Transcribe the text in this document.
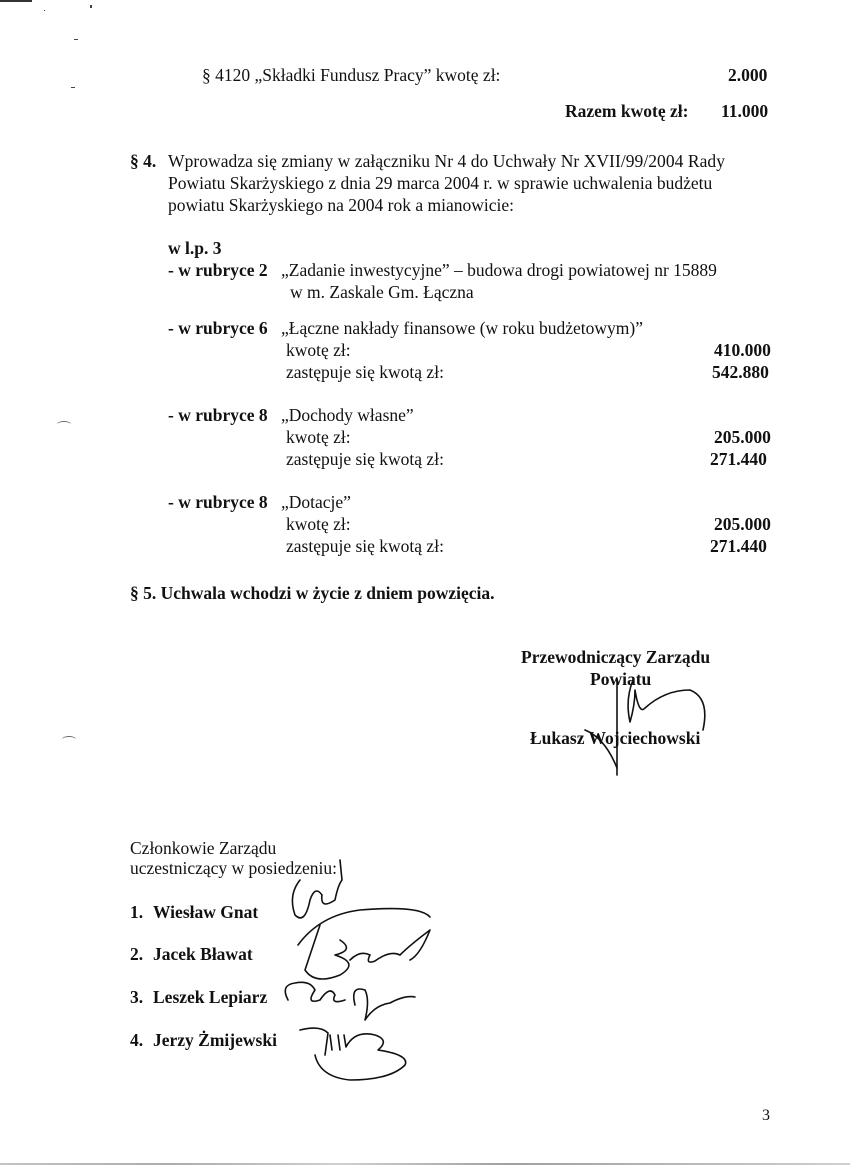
§ 4120 „Składki Fundusz Pracy” kwotę zł:	2.000
Razem kwotę zł: 11.000
§ 4. Wprowadza się zmiany w załączniku Nr 4 do Uchwały Nr XVII/99/2004 Rady
Powiatu Skarżyskiego z dnia 29 marca 2004 r. w sprawie uchwalenia budżetu
powiatu Skarżyskiego na 2004 rok a mianowicie:
w l.p. 3
- w rubryce 2 „Zadanie inwestycyjne” – budowa drogi powiatowej nr 15889
w m. Zaskale Gm. Łączna
- w rubryce 6 „Łączne nakłady finansowe (w roku budżetowym)”
kwotę zł:	410.000
zastępuje się kwotą zł:	542.880
- w rubryce 8 „Dochody własne”
kwotę zł:	205.000
zastępuje się kwotą zł:	271.440
- w rubryce 8 „Dotacje”
kwotę zł:	205.000
zastępuje się kwotą zł:	271.440
§ 5. Uchwala wchodzi w życie z dniem powzięcia.
Przewodniczący Zarządu
Powiatu
Łukasz Wojciechowski
Członkowie Zarządu
uczestniczący w posiedzeniu:
1. Wiesław Gnat
2. Jacek Bławat
3. Leszek Lepiarz
4. Jerzy Żmijewski
3
